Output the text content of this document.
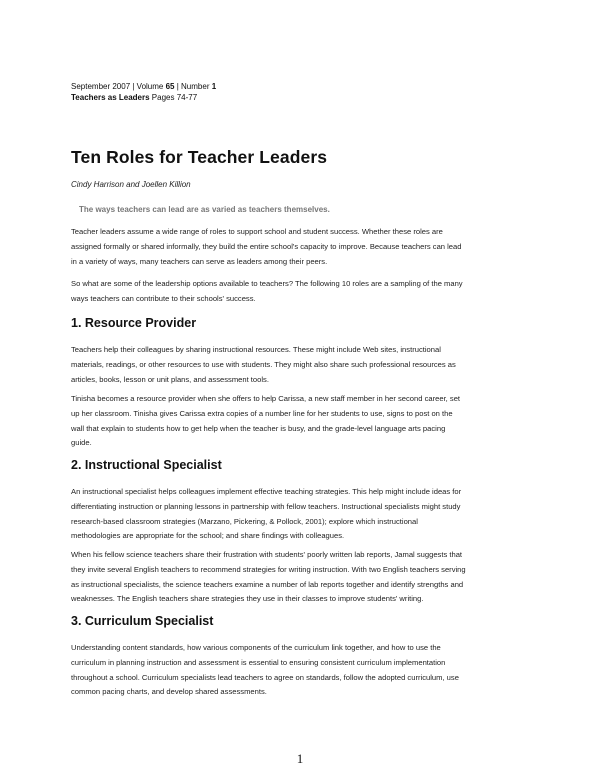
September 2007 | Volume 65 | Number 1
Teachers as Leaders Pages 74-77
Ten Roles for Teacher Leaders
Cindy Harrison and Joellen Killion
The ways teachers can lead are as varied as teachers themselves.
Teacher leaders assume a wide range of roles to support school and student success. Whether these roles are
assigned formally or shared informally, they build the entire school's capacity to improve. Because teachers can lead
in a variety of ways, many teachers can serve as leaders among their peers.
So what are some of the leadership options available to teachers? The following 10 roles are a sampling of the many
ways teachers can contribute to their schools' success.
1. Resource Provider
Teachers help their colleagues by sharing instructional resources. These might include Web sites, instructional
materials, readings, or other resources to use with students. They might also share such professional resources as
articles, books, lesson or unit plans, and assessment tools.
Tinisha becomes a resource provider when she offers to help Carissa, a new staff member in her second career, set
up her classroom. Tinisha gives Carissa extra copies of a number line for her students to use, signs to post on the
wall that explain to students how to get help when the teacher is busy, and the grade-level language arts pacing
guide.
2. Instructional Specialist
An instructional specialist helps colleagues implement effective teaching strategies. This help might include ideas for
differentiating instruction or planning lessons in partnership with fellow teachers. Instructional specialists might study
research-based classroom strategies (Marzano, Pickering, & Pollock, 2001); explore which instructional
methodologies are appropriate for the school; and share findings with colleagues.
When his fellow science teachers share their frustration with students' poorly written lab reports, Jamal suggests that
they invite several English teachers to recommend strategies for writing instruction. With two English teachers serving
as instructional specialists, the science teachers examine a number of lab reports together and identify strengths and
weaknesses. The English teachers share strategies they use in their classes to improve students' writing.
3. Curriculum Specialist
Understanding content standards, how various components of the curriculum link together, and how to use the
curriculum in planning instruction and assessment is essential to ensuring consistent curriculum implementation
throughout a school. Curriculum specialists lead teachers to agree on standards, follow the adopted curriculum, use
common pacing charts, and develop shared assessments.
1
